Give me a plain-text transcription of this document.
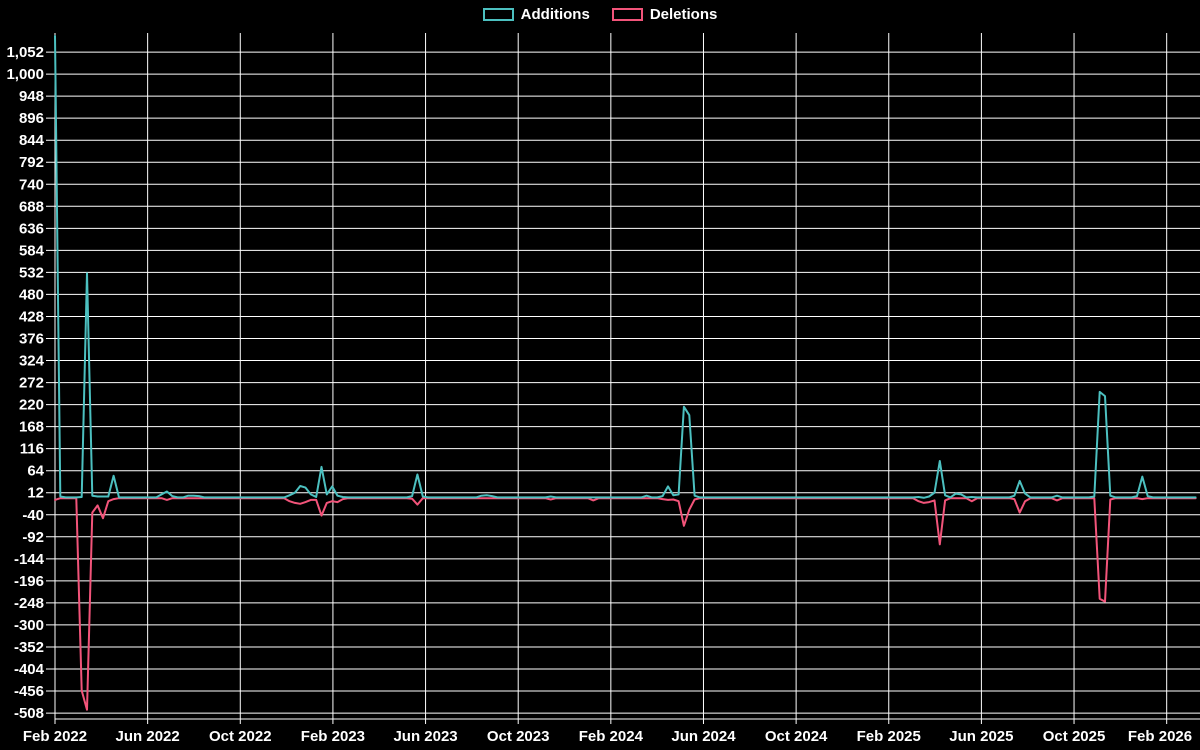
Additions	Deletions
1,052
1,000
948
896
844
792
740
688
636
584
532
480
428
376
324
272
220
168
116
64
12
-40
-92
-144
-196
-248
-300
-352
-404
-456
-508
Feb 2022 Jun 2022 Oct 2022 Feb 2023 Jun 2023 Oct 2023 Feb 2024 Jun 2024 Oct 2024 Feb 2025 Jun 2025 Oct 2025 Feb 2026
